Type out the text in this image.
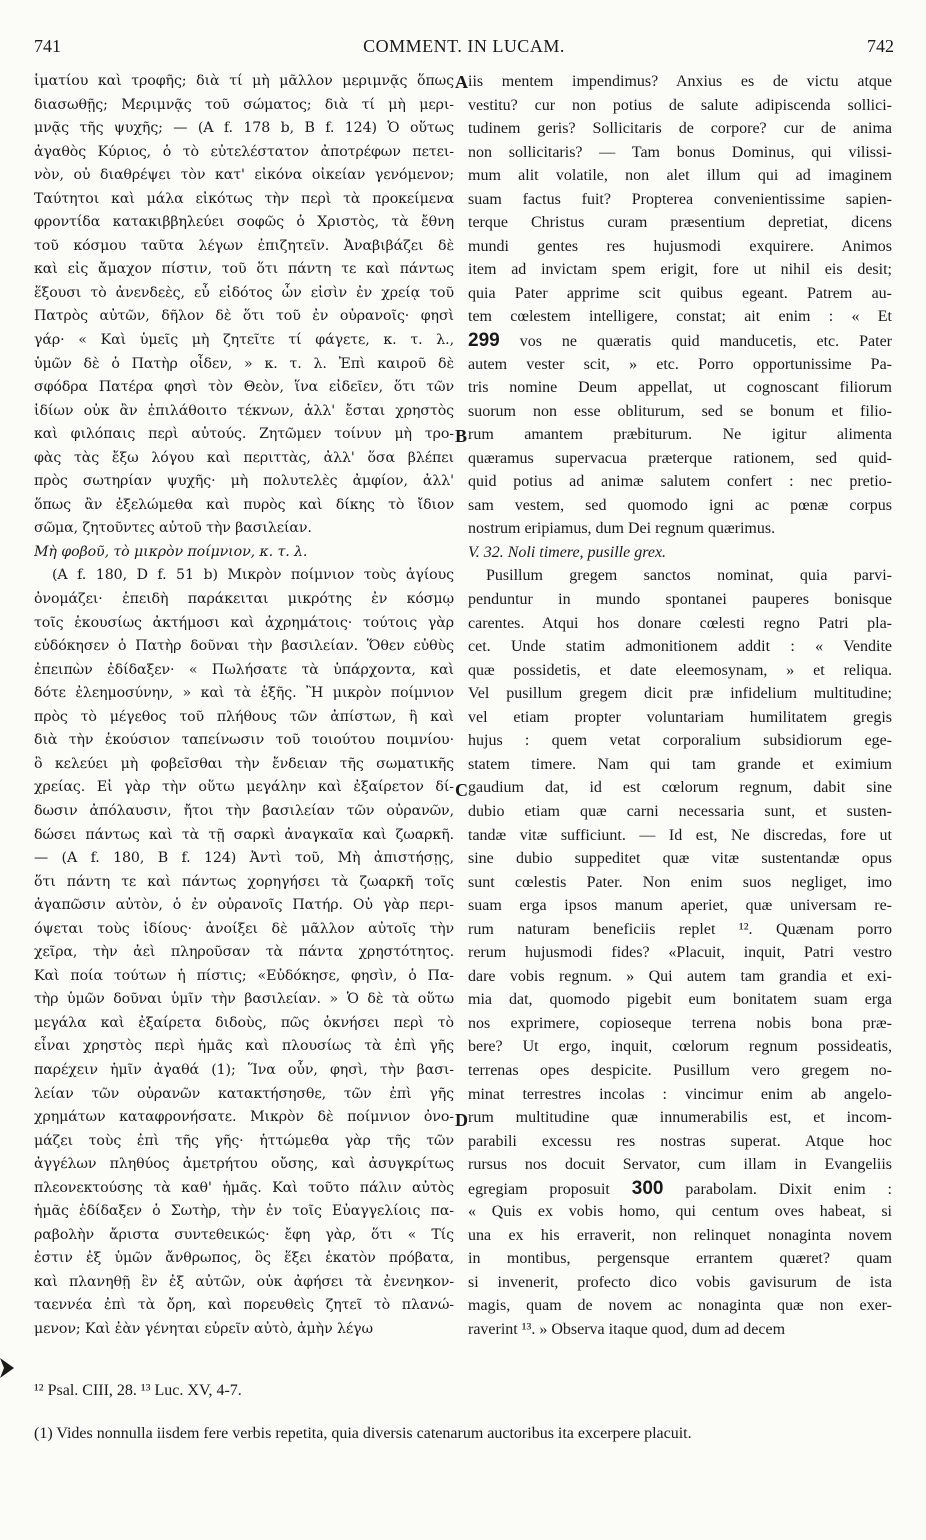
741	COMMENT. IN LUCAM.	742
ἱματίου καὶ τροφῆς; διὰ τί μὴ μᾶλλον μεριμνᾷς ὅπως
διασωθῇς; Μεριμνᾷς τοῦ σώματος; διὰ τί μὴ μερι-
μνᾷς τῆς ψυχῆς; — (A f. 178 b, B f. 124) Ὁ οὕτως
ἀγαθὸς Κύριος, ὁ τὸ εὐτελέστατον ἀποτρέφων πετει-
νὸν, οὐ διαθρέψει τὸν κατ' εἰκόνα οἰκείαν γενόμενον;
Ταύτητοι καὶ μάλα εἰκότως τὴν περὶ τὰ προκείμενα
φροντίδα κατακιββηλεύει σοφῶς ὁ Χριστὸς, τὰ ἔθνη
τοῦ κόσμου ταῦτα λέγων ἐπιζητεῖν. Ἀναβιβάζει δὲ
καὶ εἰς ἄμαχον πίστιν, τοῦ ὅτι πάντη τε καὶ πάντως
ἕξουσι τὸ ἀνενδεὲς, εὖ εἰδότος ὧν εἰσὶν ἐν χρείᾳ τοῦ
Πατρὸς αὐτῶν, δῆλον δὲ ὅτι τοῦ ἐν οὐρανοῖς· φησὶ
γάρ· « Καὶ ὑμεῖς μὴ ζητεῖτε τί φάγετε, κ. τ. λ.,
ὑμῶν δὲ ὁ Πατὴρ οἶδεν, » κ. τ. λ. Ἐπὶ καιροῦ δὲ
σφόδρα Πατέρα φησὶ τὸν Θεὸν, ἵνα εἰδεῖεν, ὅτι τῶν
ἰδίων οὐκ ἂν ἐπιλάθοιτο τέκνων, ἀλλ' ἔσται χρηστὸς
καὶ φιλόπαις περὶ αὐτούς. Ζητῶμεν τοίνυν μὴ τρο-
φὰς τὰς ἔξω λόγου καὶ περιττὰς, ἀλλ' ὅσα βλέπει
πρὸς σωτηρίαν ψυχῆς· μὴ πολυτελὲς ἀμφίον, ἀλλ'
ὅπως ἂν ἐξελώμεθα καὶ πυρὸς καὶ δίκης τὸ ἴδιον
σῶμα, ζητοῦντες αὐτοῦ τὴν βασιλείαν.
Μὴ φοβοῦ, τὸ μικρὸν ποίμνιον, κ. τ. λ.
(A f. 180, D f. 51 b) Μικρὸν ποίμνιον τοὺς ἁγίους
ὀνομάζει· ἐπειδὴ παράκειται μικρότης ἐν κόσμῳ
τοῖς ἑκουσίως ἀκτήμοσι καὶ ἀχρημάτοις· τούτοις γὰρ
εὐδόκησεν ὁ Πατὴρ δοῦναι τὴν βασιλείαν. Ὅθεν εὐθὺς
ἐπειπὼν ἐδίδαξεν· « Πωλήσατε τὰ ὑπάρχοντα, καὶ
δότε ἐλεημοσύνην, » καὶ τὰ ἑξῆς. Ἢ μικρὸν ποίμνιον
πρὸς τὸ μέγεθος τοῦ πλήθους τῶν ἀπίστων, ἢ καὶ
διὰ τὴν ἑκούσιον ταπείνωσιν τοῦ τοιούτου ποιμνίου·
ὃ κελεύει μὴ φοβεῖσθαι τὴν ἔνδειαν τῆς σωματικῆς
χρείας. Εἰ γὰρ τὴν οὕτω μεγάλην καὶ ἐξαίρετον δί-
δωσιν ἀπόλαυσιν, ἤτοι τὴν βασιλείαν τῶν οὐρανῶν,
δώσει πάντως καὶ τὰ τῇ σαρκὶ ἀναγκαῖα καὶ ζωαρκῆ.
— (A f. 180, B f. 124) Ἀντὶ τοῦ, Μὴ ἀπιστήσῃς,
ὅτι πάντη τε καὶ πάντως χορηγήσει τὰ ζωαρκῆ τοῖς
ἀγαπῶσιν αὐτὸν, ὁ ἐν οὐρανοῖς Πατήρ. Οὐ γὰρ περι-
όψεται τοὺς ἰδίους· ἀνοίξει δὲ μᾶλλον αὐτοῖς τὴν
χεῖρα, τὴν ἀεὶ πληροῦσαν τὰ πάντα χρηστότητος.
Καὶ ποία τούτων ἡ πίστις; «Εὐδόκησε, φησὶν, ὁ Πα-
τὴρ ὑμῶν δοῦναι ὑμῖν τὴν βασιλείαν. » Ὁ δὲ τὰ οὕτω
μεγάλα καὶ ἐξαίρετα διδοὺς, πῶς ὀκνήσει περὶ τὸ
εἶναι χρηστὸς περὶ ἡμᾶς καὶ πλουσίως τὰ ἐπὶ γῆς
παρέχειν ἡμῖν ἀγαθά (1); Ἵνα οὖν, φησὶ, τὴν βασι-
λείαν τῶν οὐρανῶν κατακτήσησθε, τῶν ἐπὶ γῆς
χρημάτων καταφρονήσατε. Μικρὸν δὲ ποίμνιον ὀνο-
μάζει τοὺς ἐπὶ τῆς γῆς· ἡττώμεθα γὰρ τῆς τῶν
ἀγγέλων πληθύος ἀμετρήτου οὔσης, καὶ ἀσυγκρίτως
πλεονεκτούσης τὰ καθ' ἡμᾶς. Καὶ τοῦτο πάλιν αὐτὸς
ἡμᾶς ἐδίδαξεν ὁ Σωτὴρ, τὴν ἐν τοῖς Εὐαγγελίοις πα-
ραβολὴν ἄριστα συντεθεικώς· ἔφη γὰρ, ὅτι « Τίς
ἐστιν ἐξ ὑμῶν ἄνθρωπος, ὃς ἕξει ἑκατὸν πρόβατα,
καὶ πλανηθῇ ἓν ἐξ αὐτῶν, οὐκ ἀφήσει τὰ ἐνενηκον-
ταεννέα ἐπὶ τὰ ὄρη, καὶ πορευθεὶς ζητεῖ τὸ πλανώ-
μενον; Καὶ ἐὰν γένηται εὑρεῖν αὐτὸ, ἀμὴν λέγω
iis mentem impendimus? Anxius es de victu atque
vestitu? cur non potius de salute adipiscenda sollici-
tudinem geris? Sollicitaris de corpore? cur de anima
non sollicitaris? — Tam bonus Dominus, qui vilissi-
mum alit volatile, non alet illum qui ad imaginem
suam factus fuit? Propterea convenientissime sapien-
terque Christus curam præsentium depretiat, dicens
mundi gentes res hujusmodi exquirere. Animos
item ad invictam spem erigit, fore ut nihil eis desit;
quia Pater apprime scit quibus egeant. Patrem au-
tem cœlestem intelligere, constat; ait enim : « Et
299 vos ne quæratis quid manducetis, etc. Pater
autem vester scit, » etc. Porro opportunissime Pa-
tris nomine Deum appellat, ut cognoscant filiorum
suorum non esse obliturum, sed se bonum et filio-
rum amantem præbiturum. Ne igitur alimenta
quæramus supervacua præterque rationem, sed quid-
quid potius ad animæ salutem confert : nec pretio-
sam vestem, sed quomodo igni ac pœnæ corpus
nostrum eripiamus, dum Dei regnum quærimus.
V. 32. Noli timere, pusille grex.
Pusillum gregem sanctos nominat, quia parvi-
penduntur in mundo spontanei pauperes bonisque
carentes. Atqui hos donare cœlesti regno Patri pla-
cet. Unde statim admonitionem addit : « Vendite
quæ possidetis, et date eleemosynam, » et reliqua.
Vel pusillum gregem dicit præ infidelium multitudine;
vel etiam propter voluntariam humilitatem gregis
hujus : quem vetat corporalium subsidiorum ege-
statem timere. Nam qui tam grande et eximium
gaudium dat, id est cœlorum regnum, dabit sine
dubio etiam quæ carni necessaria sunt, et susten-
tandæ vitæ sufficiunt. — Id est, Ne discredas, fore ut
sine dubio suppeditet quæ vitæ sustentandæ opus
sunt cœlestis Pater. Non enim suos negliget, imo
suam erga ipsos manum aperiet, quæ universam re-
rum naturam beneficiis replet ¹². Quænam porro
rerum hujusmodi fides? «Placuit, inquit, Patri vestro
dare vobis regnum. » Qui autem tam grandia et exi-
mia dat, quomodo pigebit eum bonitatem suam erga
nos exprimere, copioseque terrena nobis bona præ-
bere? Ut ergo, inquit, cœlorum regnum possideatis,
terrenas opes despicite. Pusillum vero gregem no-
minat terrestres incolas : vincimur enim ab angelo-
rum multitudine quæ innumerabilis est, et incom-
parabili excessu res nostras superat. Atque hoc
rursus nos docuit Servator, cum illam in Evangeliis
egregiam proposuit 300 parabolam. Dixit enim :
« Quis ex vobis homo, qui centum oves habeat, si
una ex his erraverit, non relinquet nonaginta novem
in montibus, pergensque errantem quæret? quam
si invenerit, profecto dico vobis gavisurum de ista
magis, quam de novem ac nonaginta quæ non exer-
raverint ¹³. » Observa itaque quod, dum ad decem
A
B
C
D
¹² Psal. CIII, 28. ¹³ Luc. XV, 4-7.
(1) Vides nonnulla iisdem fere verbis repetita, quia diversis catenarum auctoribus ita excerpere placuit.
